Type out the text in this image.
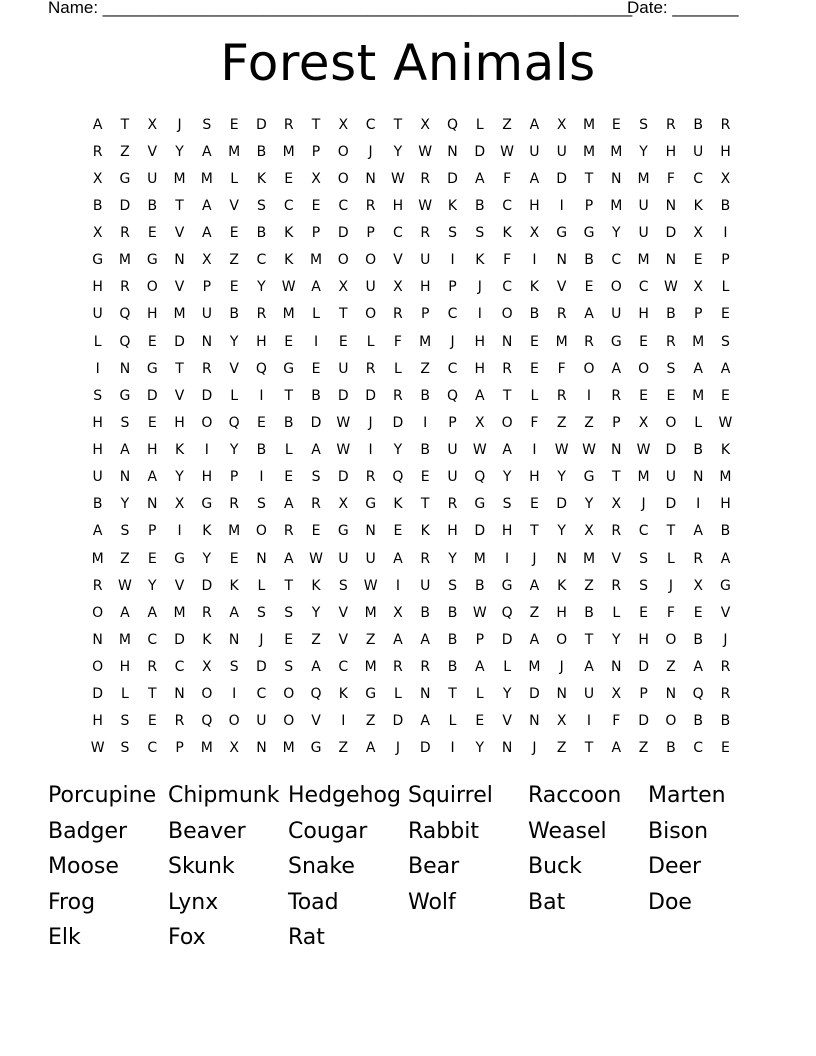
Name: ________________________________________________________
Date: _______
Forest Animals
A	T	X	J	S	E	D	R	T	X	C	T	X	Q	L	Z	A	X	M	E	S	R	B	R
R	Z	V	Y	A	M	B	M	P	O	J	Y	W	N	D	W	U	U	M	M	Y	H	U	H
X	G	U	M	M	L	K	E	X	O	N	W	R	D	A	F	A	D	T	N	M	F	C	X
B	D	B	T	A	V	S	C	E	C	R	H	W	K	B	C	H	I	P	M	U	N	K	B
X	R	E	V	A	E	B	K	P	D	P	C	R	S	S	K	X	G	G	Y	U	D	X	I
G	M	G	N	X	Z	C	K	M	O	O	V	U	I	K	F	I	N	B	C	M	N	E	P
H	R	O	V	P	E	Y	W	A	X	U	X	H	P	J	C	K	V	E	O	C	W	X	L
U	Q	H	M	U	B	R	M	L	T	O	R	P	C	I	O	B	R	A	U	H	B	P	E
L	Q	E	D	N	Y	H	E	I	E	L	F	M	J	H	N	E	M	R	G	E	R	M	S
I	N	G	T	R	V	Q	G	E	U	R	L	Z	C	H	R	E	F	O	A	O	S	A	A
S	G	D	V	D	L	I	T	B	D	D	R	B	Q	A	T	L	R	I	R	E	E	M	E
H	S	E	H	O	Q	E	B	D	W	J	D	I	P	X	O	F	Z	Z	P	X	O	L	W
H	A	H	K	I	Y	B	L	A	W	I	Y	B	U	W	A	I	W W	N	W	D	B	K
U	N	A	Y	H	P	I	E	S	D	R	Q	E	U	Q	Y	H	Y	G	T	M	U	N	M
B	Y	N	X	G	R	S	A	R	X	G	K	T	R	G	S	E	D	Y	X	J	D	I	H
A	S	P	I	K	M	O	R	E	G	N	E	K	H	D	H	T	Y	X	R	C	T	A	B
M	Z	E	G	Y	E	N	A	W	U	U	A	R	Y	M	I	J	N	M	V	S	L	R	A
R	W	Y	V	D	K	L	T	K	S	W	I	U	S	B	G	A	K	Z	R	S	J	X	G
O	A	A	M	R	A	S	S	Y	V	M	X	B	B	W	Q	Z	H	B	L	E	F	E	V
N	M	C	D	K	N	J	E	Z	V	Z	A	A	B	P	D	A	O	T	Y	H	O	B	J
O	H	R	C	X	S	D	S	A	C	M	R	R	B	A	L	M	J	A	N	D	Z	A	R
D	L	T	N	O	I	C	O	Q	K	G	L	N	T	L	Y	D	N	U	X	P	N	Q	R
H	S	E	R	Q	O	U	O	V	I	Z	D	A	L	E	V	N	X	I	F	D	O	B	B
W	S	C	P	M	X	N	M	G	Z	A	J	D	I	Y	N	J	Z	T	A	Z	B	C	E
Porcupine Chipmunk Hedgehog Squirrel	Raccoon	Marten
Badger	Beaver	Cougar	Rabbit	Weasel	Bison
Moose	Skunk	Snake	Bear	Buck	Deer
Frog	Lynx	Toad	Wolf	Bat	Doe
Elk	Fox	Rat
